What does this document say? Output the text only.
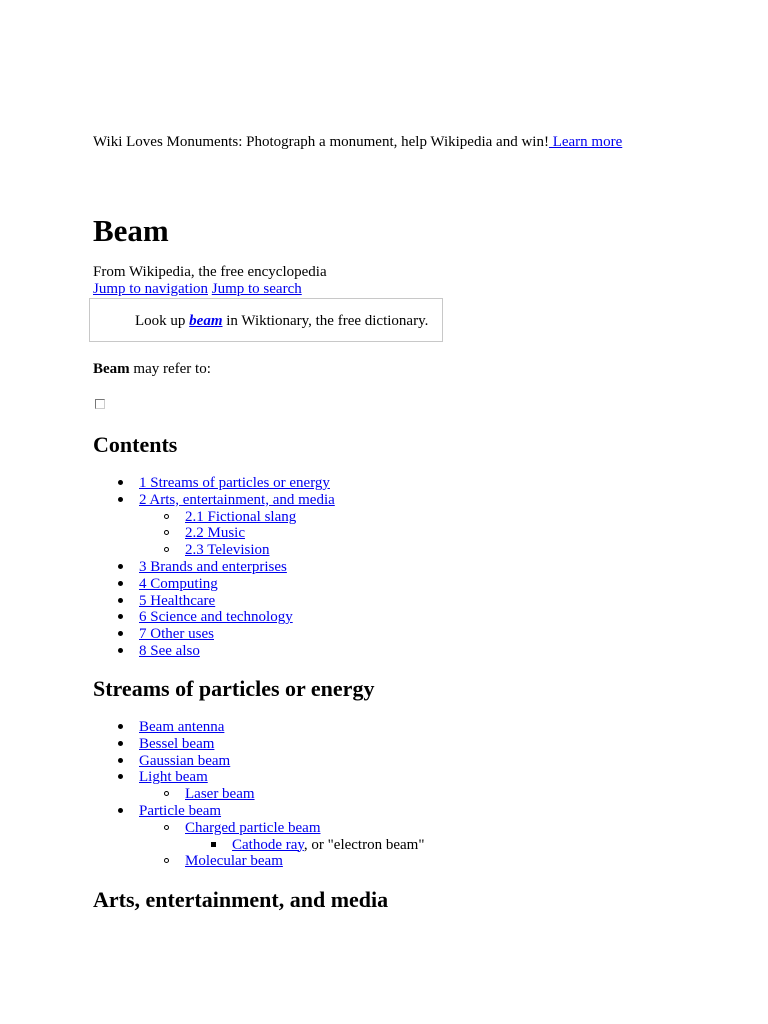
Wiki Loves Monuments: Photograph a monument, help Wikipedia and win! Learn more
Beam
From Wikipedia, the free encyclopedia
Jump to navigation Jump to search
Look up beam in Wiktionary, the free dictionary.
Beam may refer to:
Contents
1 Streams of particles or energy
2 Arts, entertainment, and media
2.1 Fictional slang
2.2 Music
2.3 Television
3 Brands and enterprises
4 Computing
5 Healthcare
6 Science and technology
7 Other uses
8 See also
Streams of particles or energy
Beam antenna
Bessel beam
Gaussian beam
Light beam
Laser beam
Particle beam
Charged particle beam
Cathode ray, or "electron beam"
Molecular beam
Arts, entertainment, and media
